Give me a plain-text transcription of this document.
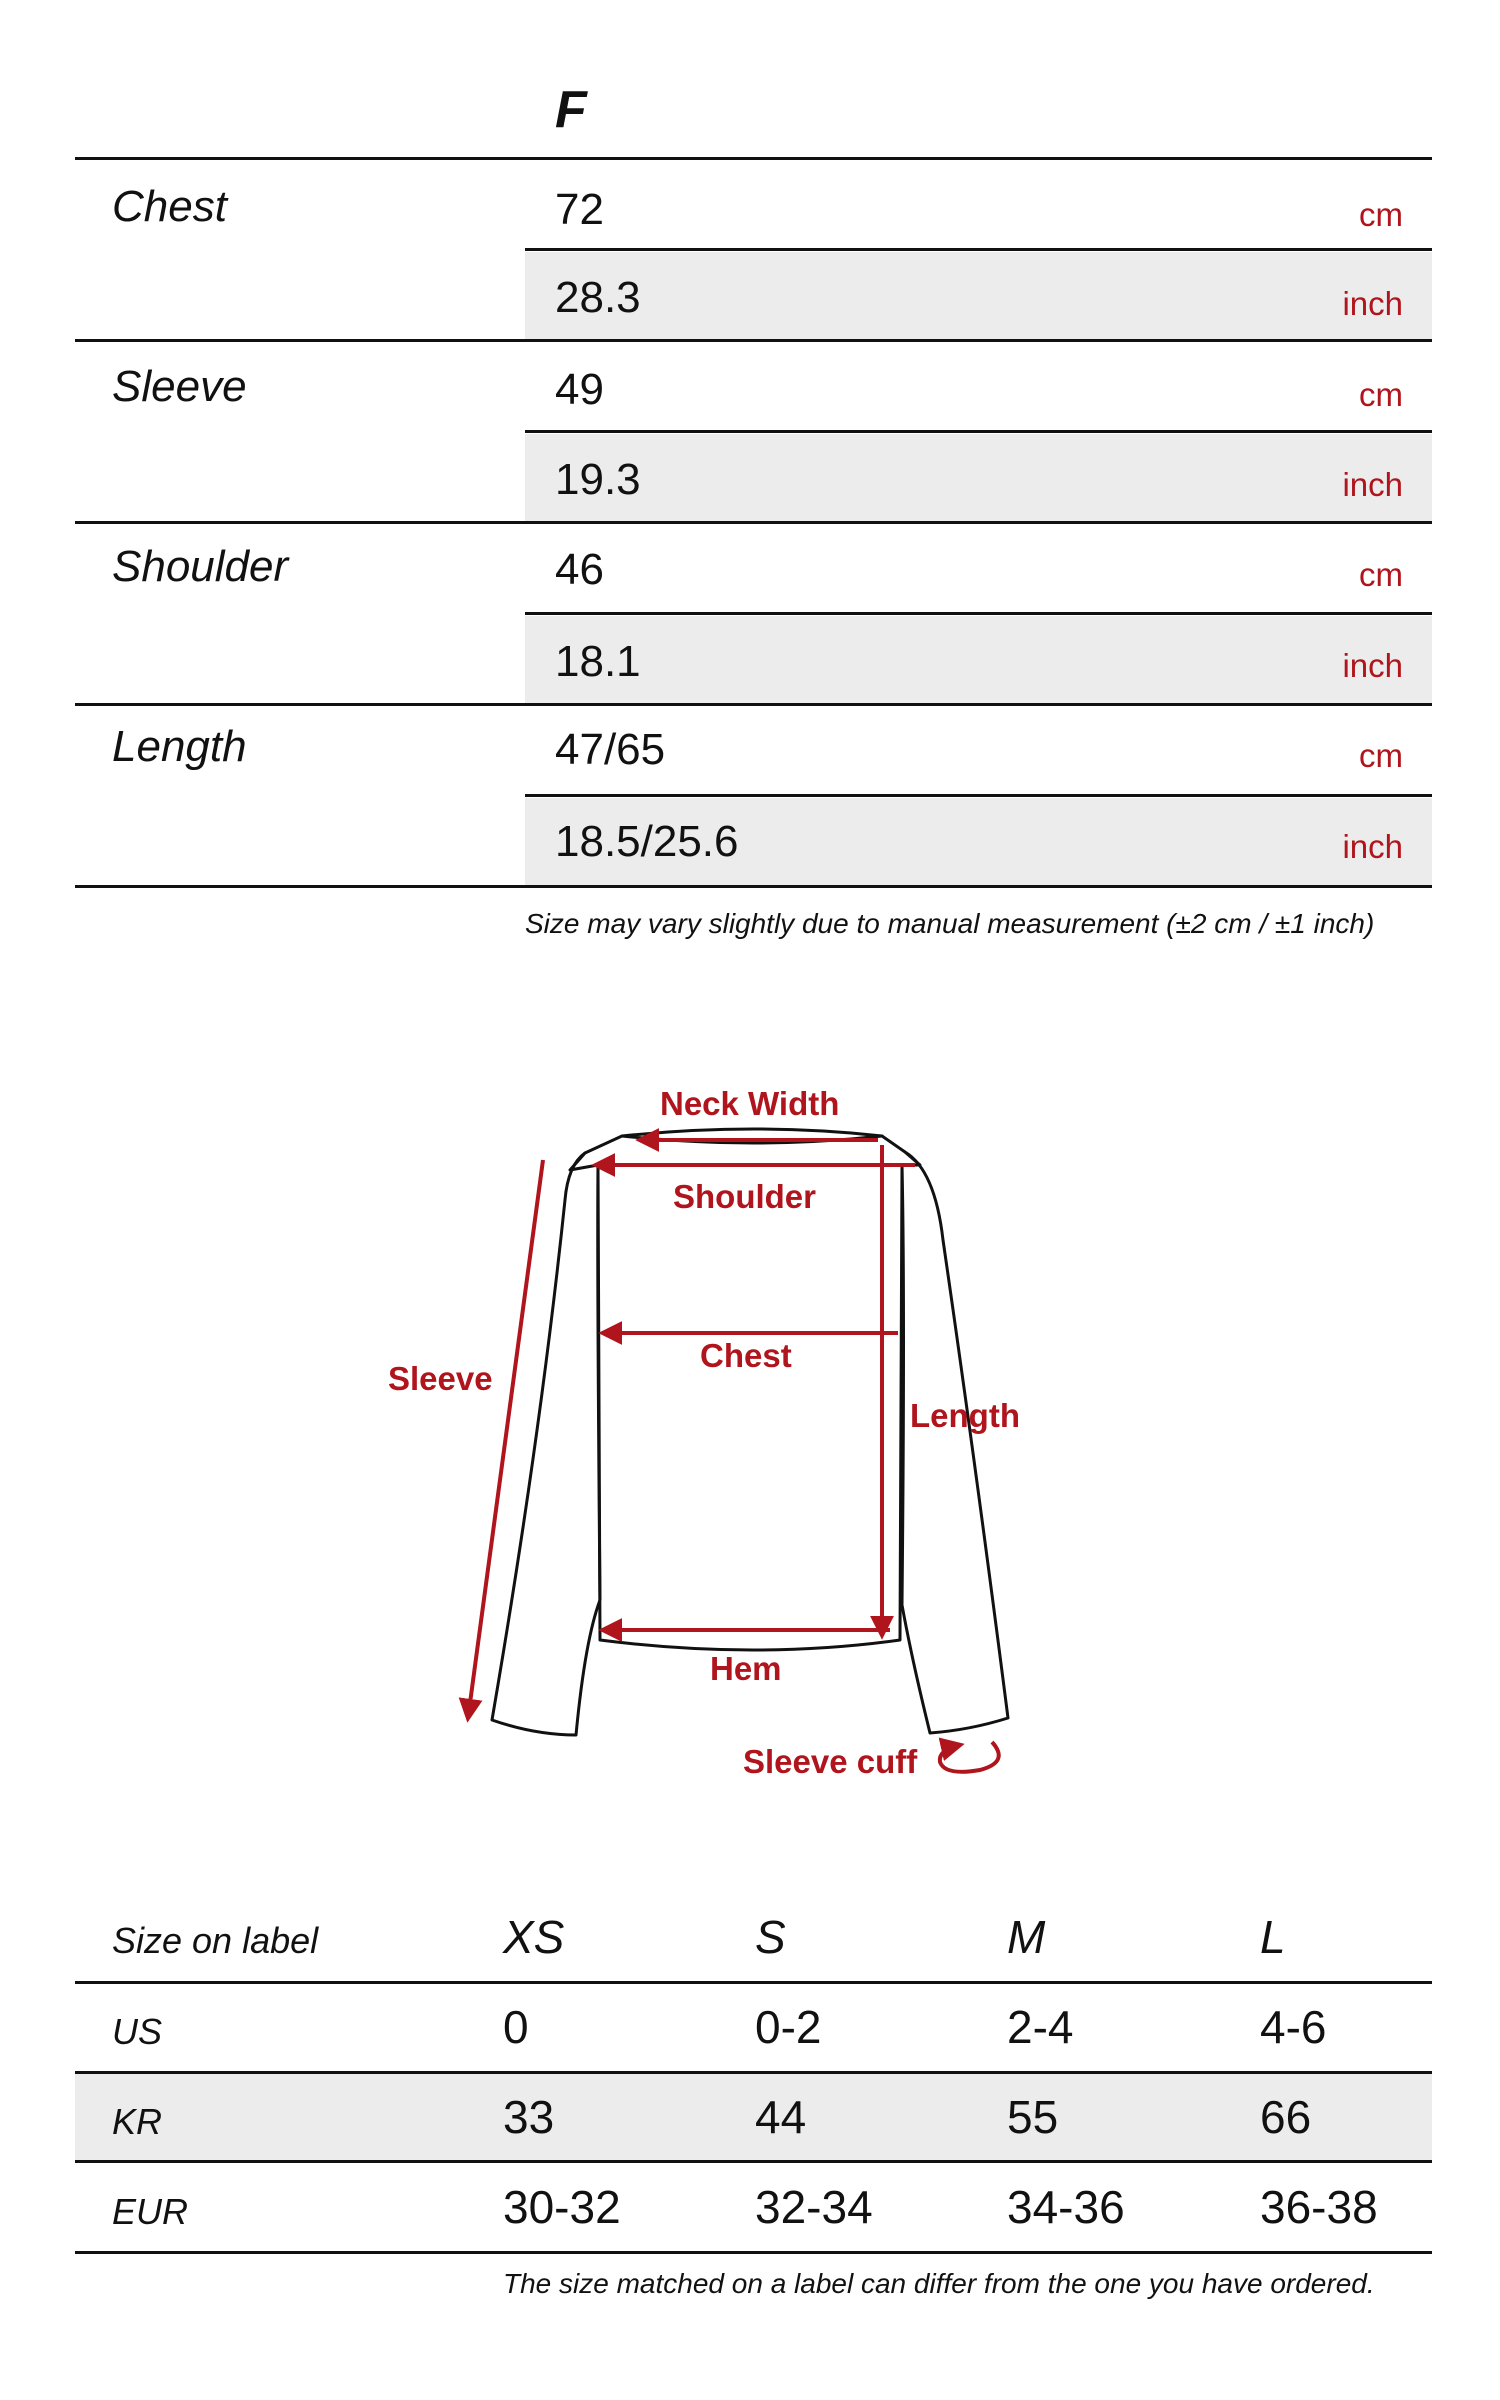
F
Chest	72	cm
28.3	inch
Sleeve	49	cm
19.3	inch
Shoulder	46	cm
18.1	inch
Length	47/65	cm
18.5/25.6	inch
Size may vary slightly due to manual measurement (±2 cm / ±1 inch)
Neck Width
Shoulder
Chest
Sleeve
Length
Hem
Sleeve cuff
Size on label	XS	S	M	L
US	0	0-2	2-4	4-6
KR	33	44	55	66
EUR	30-32	32-34	34-36	36-38
The size matched on a label can differ from the one you have ordered.
